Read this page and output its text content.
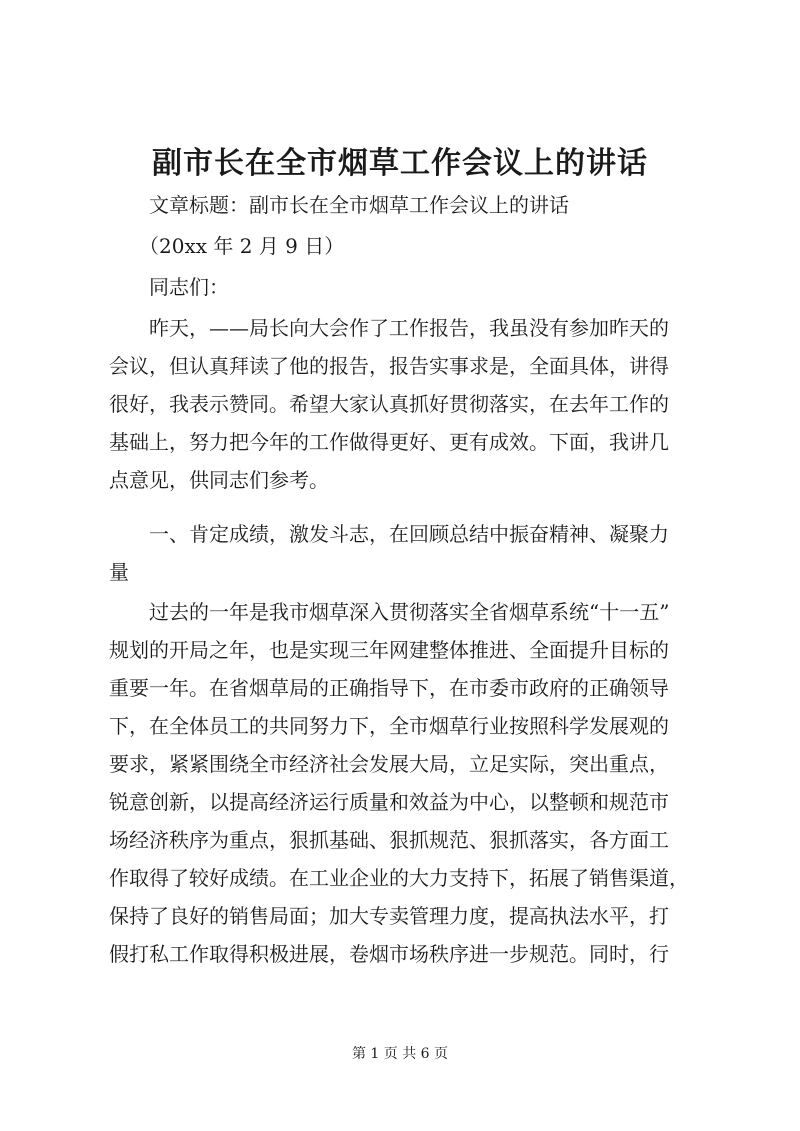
副市长在全市烟草工作会议上的讲话

　　文章标题：副市长在全市烟草工作会议上的讲话

　　（20xx 年 2 月 9 日）

　　同志们：

　　昨天，——局长向大会作了工作报告，我虽没有参加昨天的

会议，但认真拜读了他的报告，报告实事求是，全面具体，讲得

很好，我表示赞同。希望大家认真抓好贯彻落实，在去年工作的

基础上，努力把今年的工作做得更好、更有成效。下面，我讲几

点意见，供同志们参考。

　　一、肯定成绩，激发斗志，在回顾总结中振奋精神、凝聚力

量

　　过去的一年是我市烟草深入贯彻落实全省烟草系统“十一五”

规划的开局之年，也是实现三年网建整体推进、全面提升目标的

重要一年。在省烟草局的正确指导下，在市委市政府的正确领导

下，在全体员工的共同努力下，全市烟草行业按照科学发展观的

要求，紧紧围绕全市经济社会发展大局，立足实际，突出重点，

锐意创新，以提高经济运行质量和效益为中心，以整顿和规范市

场经济秩序为重点，狠抓基础、狠抓规范、狠抓落实，各方面工

作取得了较好成绩。在工业企业的大力支持下，拓展了销售渠道，

保持了良好的销售局面；加大专卖管理力度，提高执法水平，打

假打私工作取得积极进展，卷烟市场秩序进一步规范。同时，行

第 1 页 共 6 页
